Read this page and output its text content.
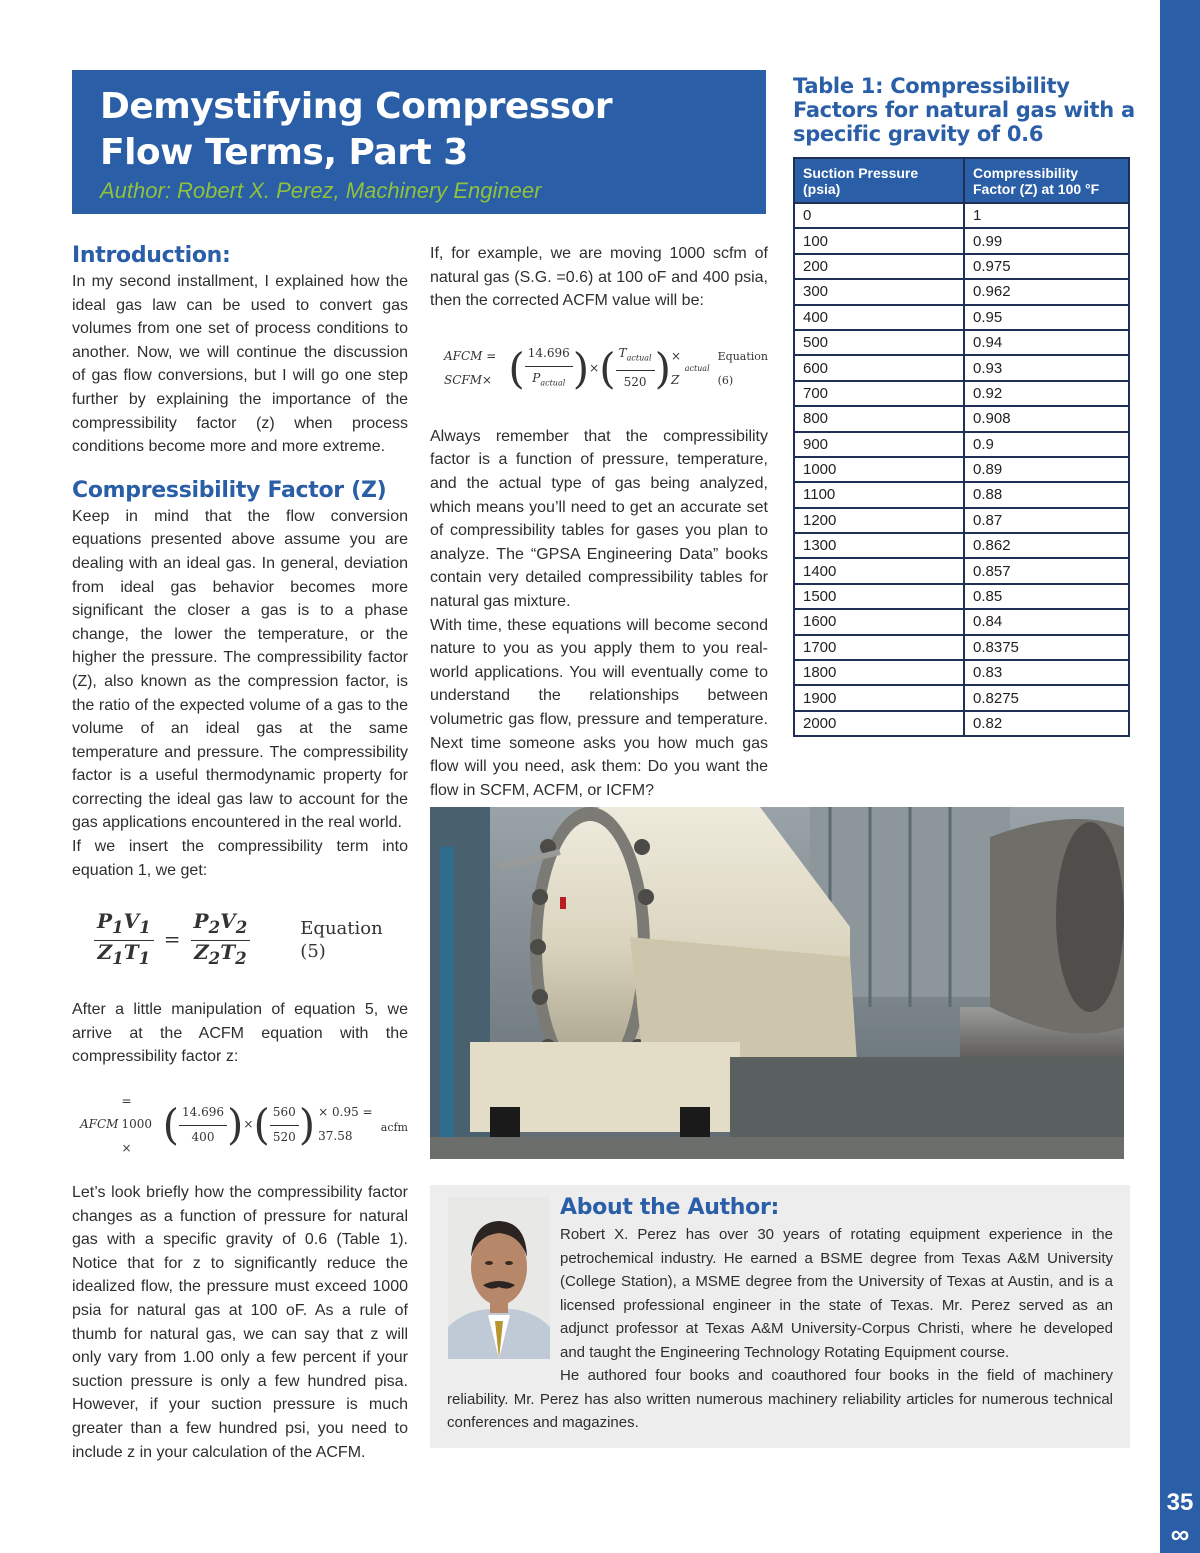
35
∞
Demystifying Compressor Flow Terms, Part 3
Author: Robert X. Perez, Machinery Engineer
Introduction:

In my second installment, I explained how the ideal gas law can be used to convert gas volumes from one set of process conditions to another. Now, we will continue the discussion of gas flow conversions, but I will go one step further by explaining the importance of the compressibility factor (z) when process conditions become more and more extreme.

Compressibility Factor (Z)

Keep in mind that the flow conversion equations presented above assume you are dealing with an ideal gas. In general, deviation from ideal gas behavior becomes more significant the closer a gas is to a phase change, the lower the temperature, or the higher the pressure. The compressibility factor (Z), also known as the compression factor, is the ratio of the expected volume of a gas to the volume of an ideal gas at the same temperature and pressure. The compressibility factor is a useful thermodynamic property for correcting the ideal gas law to account for the gas applications encountered in the real world.

If we insert the compressibility term into equation 1, we get:

$\frac{P_1V_1}{Z_1T_1} = \frac{P_2V_2}{Z_2T_2}$	Equation (5)

After a little manipulation of equation 5, we arrive at the ACFM equation with the compressibility factor z:

AFCM
= 1000 × ( $\frac{14.696}{400}$ ) × ( $\frac{560}{520}$ ) × 0.95 = 37.58
acfm

Let’s look briefly how the compressibility factor changes as a function of pressure for natural gas with a specific gravity of 0.6 (Table 1). Notice that for z to significantly reduce the idealized flow, the pressure must exceed 1000 psia for natural gas at 100 oF. As a rule of thumb for natural gas, we can say that z will only vary from 1.00 only a few percent if your suction pressure is only a few hundred pisa. However, if your suction pressure is much greater than a few hundred psi, you need to include z in your calculation of the ACFM.

If, for example, we are moving 1000 scfm of natural gas (S.G. =0.6) at 100 oF and 400 psia, then the corrected ACFM value will be:

AFCM = SCFM× ( $\frac{14.696}{P_{actual}}$ ) × ( $\frac{T_{actual}}{520}$ ) × Z
actual
Equation (6)

Always remember that the compressibility factor is a function of pressure, temperature, and the actual type of gas being analyzed, which means you’ll need to get an accurate set of compressibility tables for gases you plan to analyze. The “GPSA Engineering Data” books contain very detailed compressibility tables for natural gas mixture.

With time, these equations will become second nature to you as you apply them to you real-world applications. You will eventually come to understand the relationships between volumetric gas flow, pressure and temperature. Next time someone asks you how much gas flow will you need, ask them: Do you want the flow in SCFM, ACFM, or ICFM?

Table 1: Compressibility Factors for natural gas with a specific gravity of 0.6
Suction Pressure (psia)	Compressibility Factor (Z) at 100 °F
0	1
100	0.99
200	0.975
300	0.962
400	0.95
500	0.94
600	0.93
700	0.92
800	0.908
900	0.9
1000	0.89
1100	0.88
1200	0.87
1300	0.862
1400	0.857
1500	0.85
1600	0.84
1700	0.8375
1800	0.83
1900	0.8275
2000	0.82
About the Author:

Robert X. Perez has over 30 years of rotating equipment experience in the petrochemical industry. He earned a BSME degree from Texas A&M University (College Station), a MSME degree from the University of Texas at Austin, and is a licensed professional engineer in the state of Texas. Mr. Perez served as an adjunct professor at Texas A&M University-Corpus Christi, where he developed and taught the Engineering Technology Rotating Equipment course.

He authored four books and coauthored four books in the field of machinery reliability. Mr. Perez has also written numerous machinery reliability articles for numerous technical conferences and magazines.
